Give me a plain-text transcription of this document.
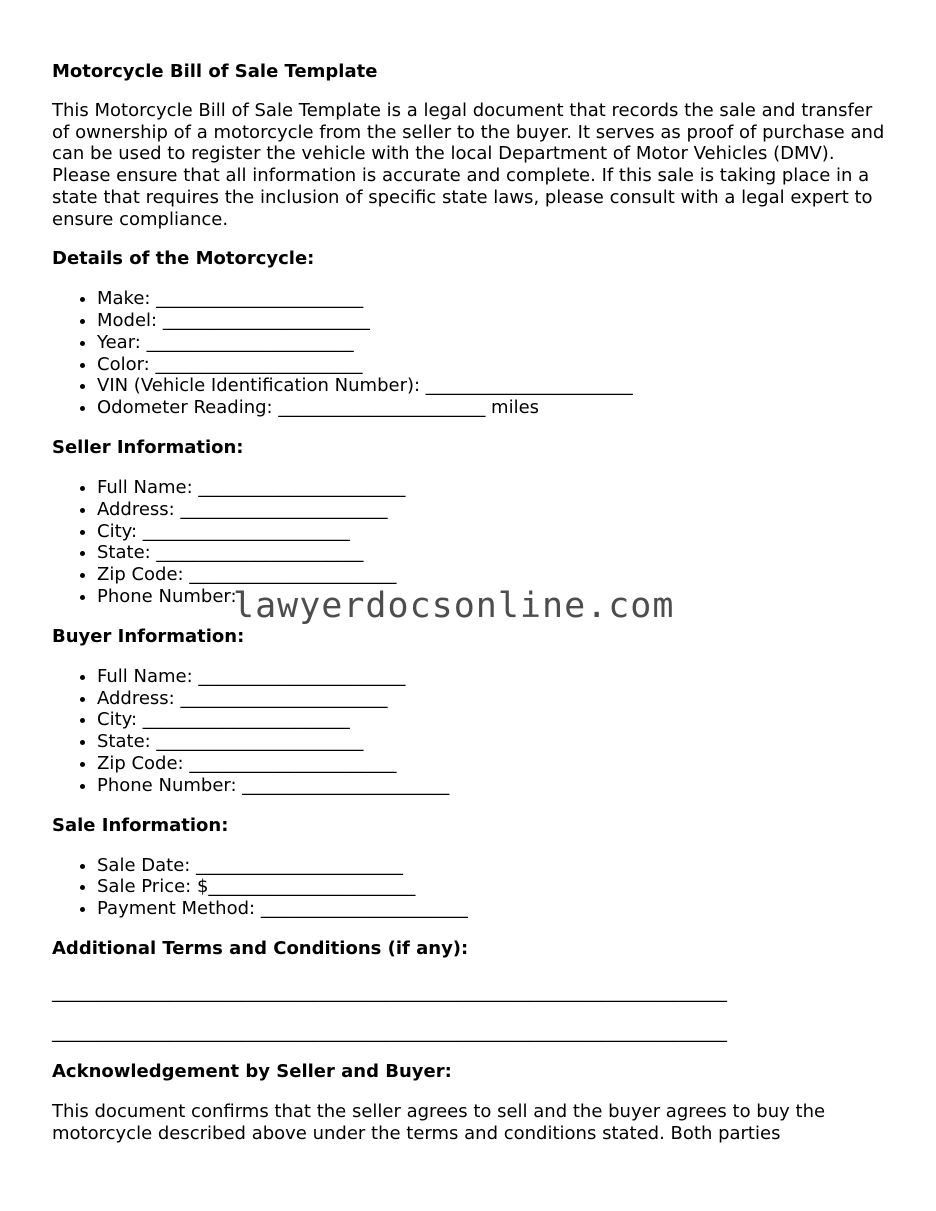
Motorcycle Bill of Sale Template

This Motorcycle Bill of Sale Template is a legal document that records the sale and transfer of ownership of a motorcycle from the seller to the buyer. It serves as proof of purchase and can be used to register the vehicle with the local Department of Motor Vehicles (DMV). Please ensure that all information is accurate and complete. If this sale is taking place in a state that requires the inclusion of specific state laws, please consult with a legal expert to ensure compliance.

Details of the Motorcycle:
• Make: _______________________
• Model: _______________________
• Year: _______________________
• Color: _______________________
• VIN (Vehicle Identification Number): _______________________
• Odometer Reading: _______________________ miles
Seller Information:
• Full Name: _______________________
• Address: _______________________
• City: _______________________
• State: _______________________
• Zip Code: _______________________
• Phone Number:
Buyer Information:
• Full Name: _______________________
• Address: _______________________
• City: _______________________
• State: _______________________
• Zip Code: _______________________
• Phone Number: _______________________
Sale Information:
• Sale Date: _______________________
• Sale Price: $_______________________
• Payment Method: _______________________
Additional Terms and Conditions (if any):
___________________________________________________________________________
___________________________________________________________________________
Acknowledgement by Seller and Buyer:

This document confirms that the seller agrees to sell and the buyer agrees to buy the motorcycle described above under the terms and conditions stated. Both parties

lawyerdocsonline.com
